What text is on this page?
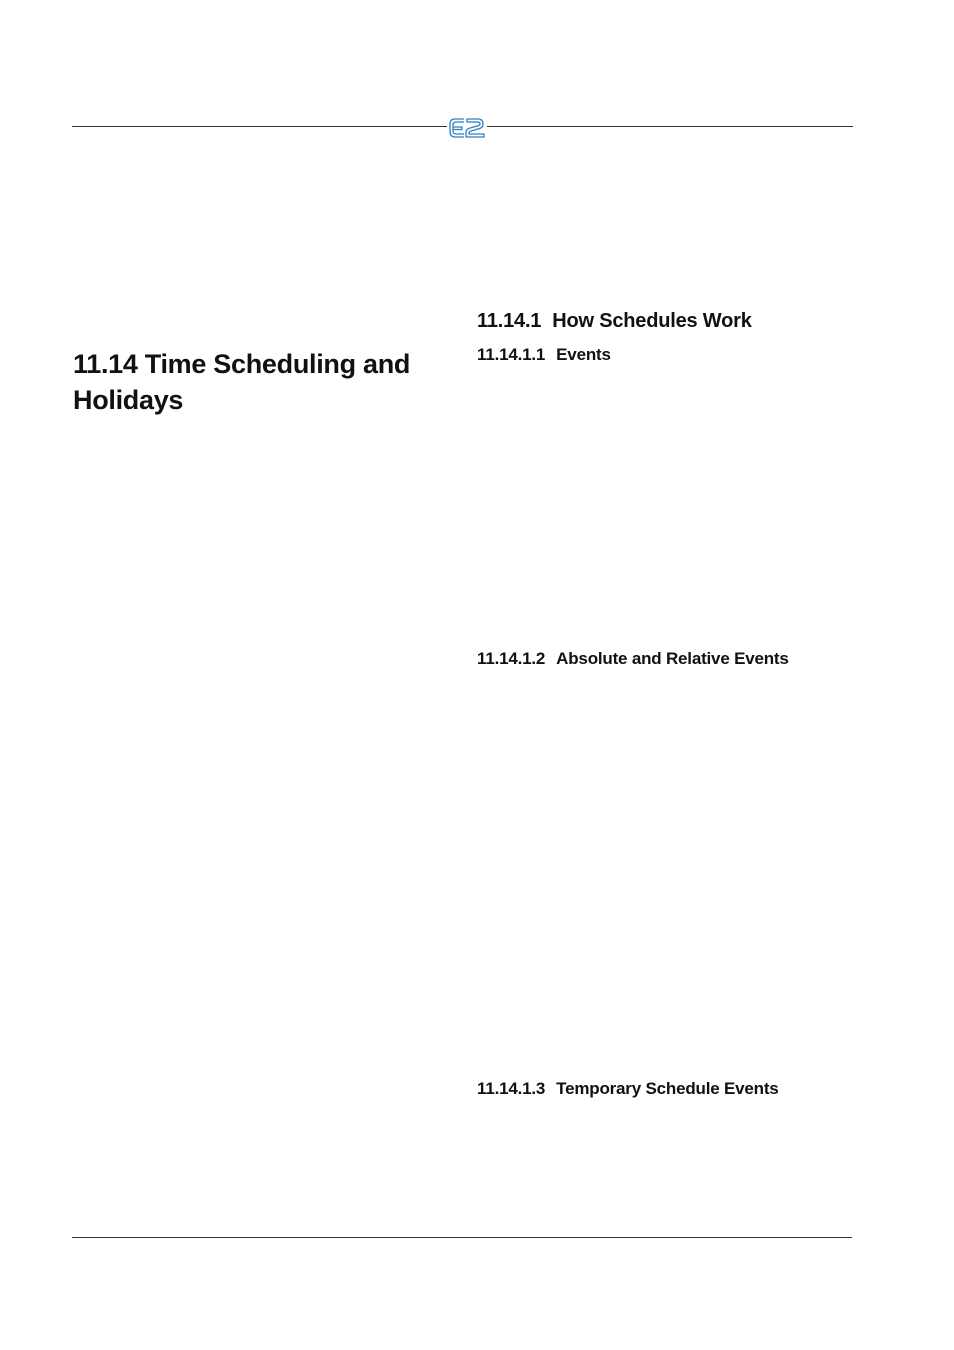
11.14 Time Scheduling and Holidays
11.14.1 How Schedules Work
11.14.1.1 Events
11.14.1.2 Absolute and Relative Events
11.14.1.3 Temporary Schedule Events
